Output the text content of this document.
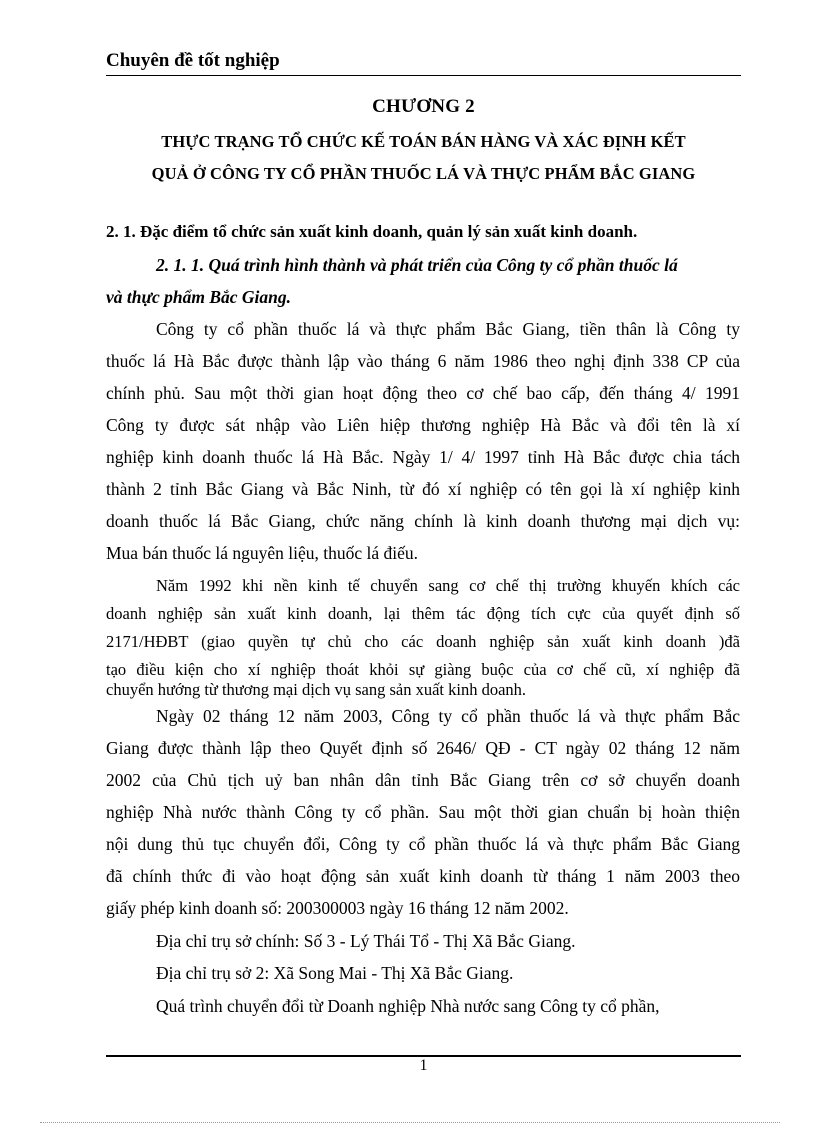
Chuyên đề tốt nghiệp
CHƯƠNG 2
THỰC TRẠNG TỔ CHỨC KẾ TOÁN BÁN HÀNG VÀ XÁC ĐỊNH KẾT
QUẢ Ở CÔNG TY CỔ PHẦN THUỐC LÁ VÀ THỰC PHẨM BẮC GIANG
2. 1. Đặc điểm tổ chức sản xuất kinh doanh, quản lý sản xuất kinh doanh.
2. 1. 1. Quá trình hình thành và phát triển của Công ty cổ phần thuốc lá
và thực phẩm Bắc Giang.
Công ty cổ phần thuốc lá và thực phẩm Bắc Giang, tiền thân là Công ty
thuốc lá Hà Bắc được thành lập vào tháng 6 năm 1986 theo nghị định 338 CP của
chính phủ. Sau một thời gian hoạt động theo cơ chế bao cấp, đến tháng 4/ 1991
Công ty được sát nhập vào Liên hiệp thương nghiệp Hà Bắc và đổi tên là xí
nghiệp kinh doanh thuốc lá Hà Bắc. Ngày 1/ 4/ 1997 tỉnh Hà Bắc được chia tách
thành 2 tỉnh Bắc Giang và Bắc Ninh, từ đó xí nghiệp có tên gọi là xí nghiệp kinh
doanh thuốc lá Bắc Giang, chức năng chính là kinh doanh thương mại dịch vụ:
Mua bán thuốc lá nguyên liệu, thuốc lá điếu.
Năm 1992 khi nền kinh tế chuyển sang cơ chế thị trường khuyến khích các
doanh nghiệp sản xuất kinh doanh, lại thêm tác động tích cực của quyết định số
2171/HĐBT (giao quyền tự chủ cho các doanh nghiệp sản xuất kinh doanh )đã
tạo điều kiện cho xí nghiệp thoát khỏi sự giàng buộc của cơ chế cũ, xí nghiệp đã
chuyển hướng từ thương mại dịch vụ sang sản xuất kinh doanh.
Ngày 02 tháng 12 năm 2003, Công ty cổ phần thuốc lá và thực phẩm Bắc
Giang được thành lập theo Quyết định số 2646/ QĐ - CT ngày 02 tháng 12 năm
2002 của Chủ tịch uỷ ban nhân dân tỉnh Bắc Giang trên cơ sở chuyển doanh
nghiệp Nhà nước thành Công ty cổ phần. Sau một thời gian chuẩn bị hoàn thiện
nội dung thủ tục chuyển đổi, Công ty cổ phần thuốc lá và thực phẩm Bắc Giang
đã chính thức đi vào hoạt động sản xuất kinh doanh từ tháng 1 năm 2003 theo
giấy phép kinh doanh số: 200300003 ngày 16 tháng 12 năm 2002.
Địa chỉ trụ sở chính: Số 3 - Lý Thái Tổ - Thị Xã Bắc Giang.
Địa chỉ trụ sở 2: Xã Song Mai - Thị Xã Bắc Giang.
Quá trình chuyển đổi từ Doanh nghiệp Nhà nước sang Công ty cổ phần,
1
